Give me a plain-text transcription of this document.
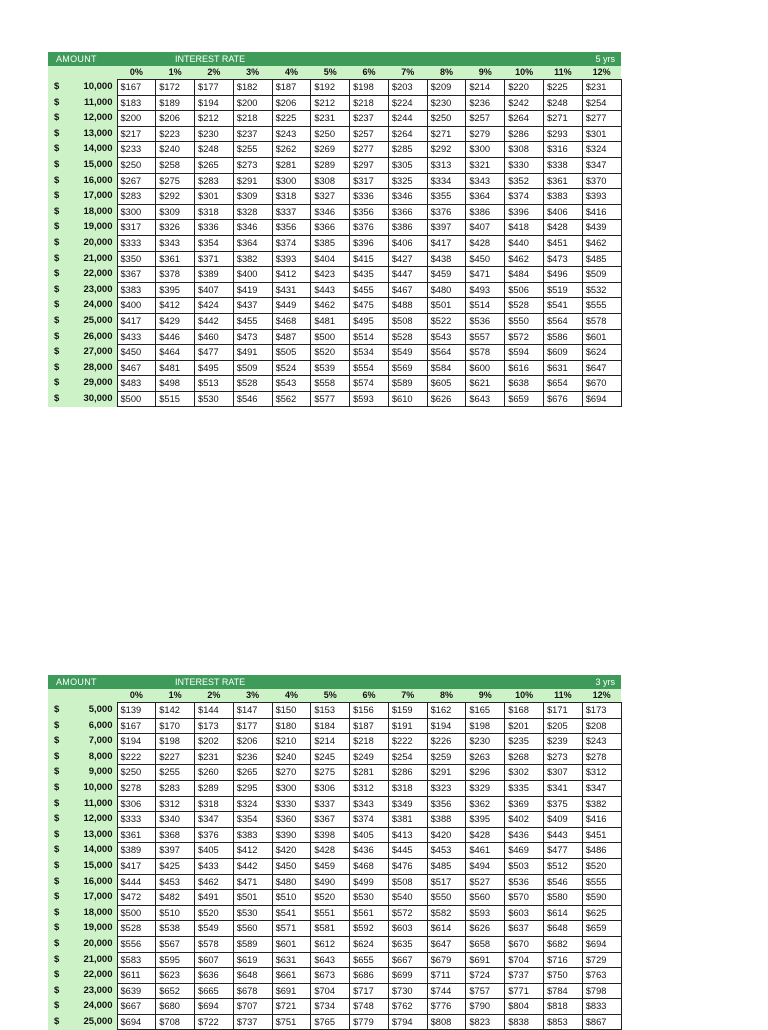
AMOUNT		INTEREST RATE										5 yrs		
		0%	1%	2%	3%	4%	5%	6%	7%	8%	9%	10%	11%	12%
$	10,000	$167	$172	$177	$182	$187	$192	$198	$203	$209	$214	$220	$225	$231
$	11,000	$183	$189	$194	$200	$206	$212	$218	$224	$230	$236	$242	$248	$254
$	12,000	$200	$206	$212	$218	$225	$231	$237	$244	$250	$257	$264	$271	$277
$	13,000	$217	$223	$230	$237	$243	$250	$257	$264	$271	$279	$286	$293	$301
$	14,000	$233	$240	$248	$255	$262	$269	$277	$285	$292	$300	$308	$316	$324
$	15,000	$250	$258	$265	$273	$281	$289	$297	$305	$313	$321	$330	$338	$347
$	16,000	$267	$275	$283	$291	$300	$308	$317	$325	$334	$343	$352	$361	$370
$	17,000	$283	$292	$301	$309	$318	$327	$336	$346	$355	$364	$374	$383	$393
$	18,000	$300	$309	$318	$328	$337	$346	$356	$366	$376	$386	$396	$406	$416
$	19,000	$317	$326	$336	$346	$356	$366	$376	$386	$397	$407	$418	$428	$439
$	20,000	$333	$343	$354	$364	$374	$385	$396	$406	$417	$428	$440	$451	$462
$	21,000	$350	$361	$371	$382	$393	$404	$415	$427	$438	$450	$462	$473	$485
$	22,000	$367	$378	$389	$400	$412	$423	$435	$447	$459	$471	$484	$496	$509
$	23,000	$383	$395	$407	$419	$431	$443	$455	$467	$480	$493	$506	$519	$532
$	24,000	$400	$412	$424	$437	$449	$462	$475	$488	$501	$514	$528	$541	$555
$	25,000	$417	$429	$442	$455	$468	$481	$495	$508	$522	$536	$550	$564	$578
$	26,000	$433	$446	$460	$473	$487	$500	$514	$528	$543	$557	$572	$586	$601
$	27,000	$450	$464	$477	$491	$505	$520	$534	$549	$564	$578	$594	$609	$624
$	28,000	$467	$481	$495	$509	$524	$539	$554	$569	$584	$600	$616	$631	$647
$	29,000	$483	$498	$513	$528	$543	$558	$574	$589	$605	$621	$638	$654	$670
$	30,000	$500	$515	$530	$546	$562	$577	$593	$610	$626	$643	$659	$676	$694
AMOUNT		INTEREST RATE										3 yrs		
		0%	1%	2%	3%	4%	5%	6%	7%	8%	9%	10%	11%	12%
$	5,000	$139	$142	$144	$147	$150	$153	$156	$159	$162	$165	$168	$171	$173
$	6,000	$167	$170	$173	$177	$180	$184	$187	$191	$194	$198	$201	$205	$208
$	7,000	$194	$198	$202	$206	$210	$214	$218	$222	$226	$230	$235	$239	$243
$	8,000	$222	$227	$231	$236	$240	$245	$249	$254	$259	$263	$268	$273	$278
$	9,000	$250	$255	$260	$265	$270	$275	$281	$286	$291	$296	$302	$307	$312
$	10,000	$278	$283	$289	$295	$300	$306	$312	$318	$323	$329	$335	$341	$347
$	11,000	$306	$312	$318	$324	$330	$337	$343	$349	$356	$362	$369	$375	$382
$	12,000	$333	$340	$347	$354	$360	$367	$374	$381	$388	$395	$402	$409	$416
$	13,000	$361	$368	$376	$383	$390	$398	$405	$413	$420	$428	$436	$443	$451
$	14,000	$389	$397	$405	$412	$420	$428	$436	$445	$453	$461	$469	$477	$486
$	15,000	$417	$425	$433	$442	$450	$459	$468	$476	$485	$494	$503	$512	$520
$	16,000	$444	$453	$462	$471	$480	$490	$499	$508	$517	$527	$536	$546	$555
$	17,000	$472	$482	$491	$501	$510	$520	$530	$540	$550	$560	$570	$580	$590
$	18,000	$500	$510	$520	$530	$541	$551	$561	$572	$582	$593	$603	$614	$625
$	19,000	$528	$538	$549	$560	$571	$581	$592	$603	$614	$626	$637	$648	$659
$	20,000	$556	$567	$578	$589	$601	$612	$624	$635	$647	$658	$670	$682	$694
$	21,000	$583	$595	$607	$619	$631	$643	$655	$667	$679	$691	$704	$716	$729
$	22,000	$611	$623	$636	$648	$661	$673	$686	$699	$711	$724	$737	$750	$763
$	23,000	$639	$652	$665	$678	$691	$704	$717	$730	$744	$757	$771	$784	$798
$	24,000	$667	$680	$694	$707	$721	$734	$748	$762	$776	$790	$804	$818	$833
$	25,000	$694	$708	$722	$737	$751	$765	$779	$794	$808	$823	$838	$853	$867
